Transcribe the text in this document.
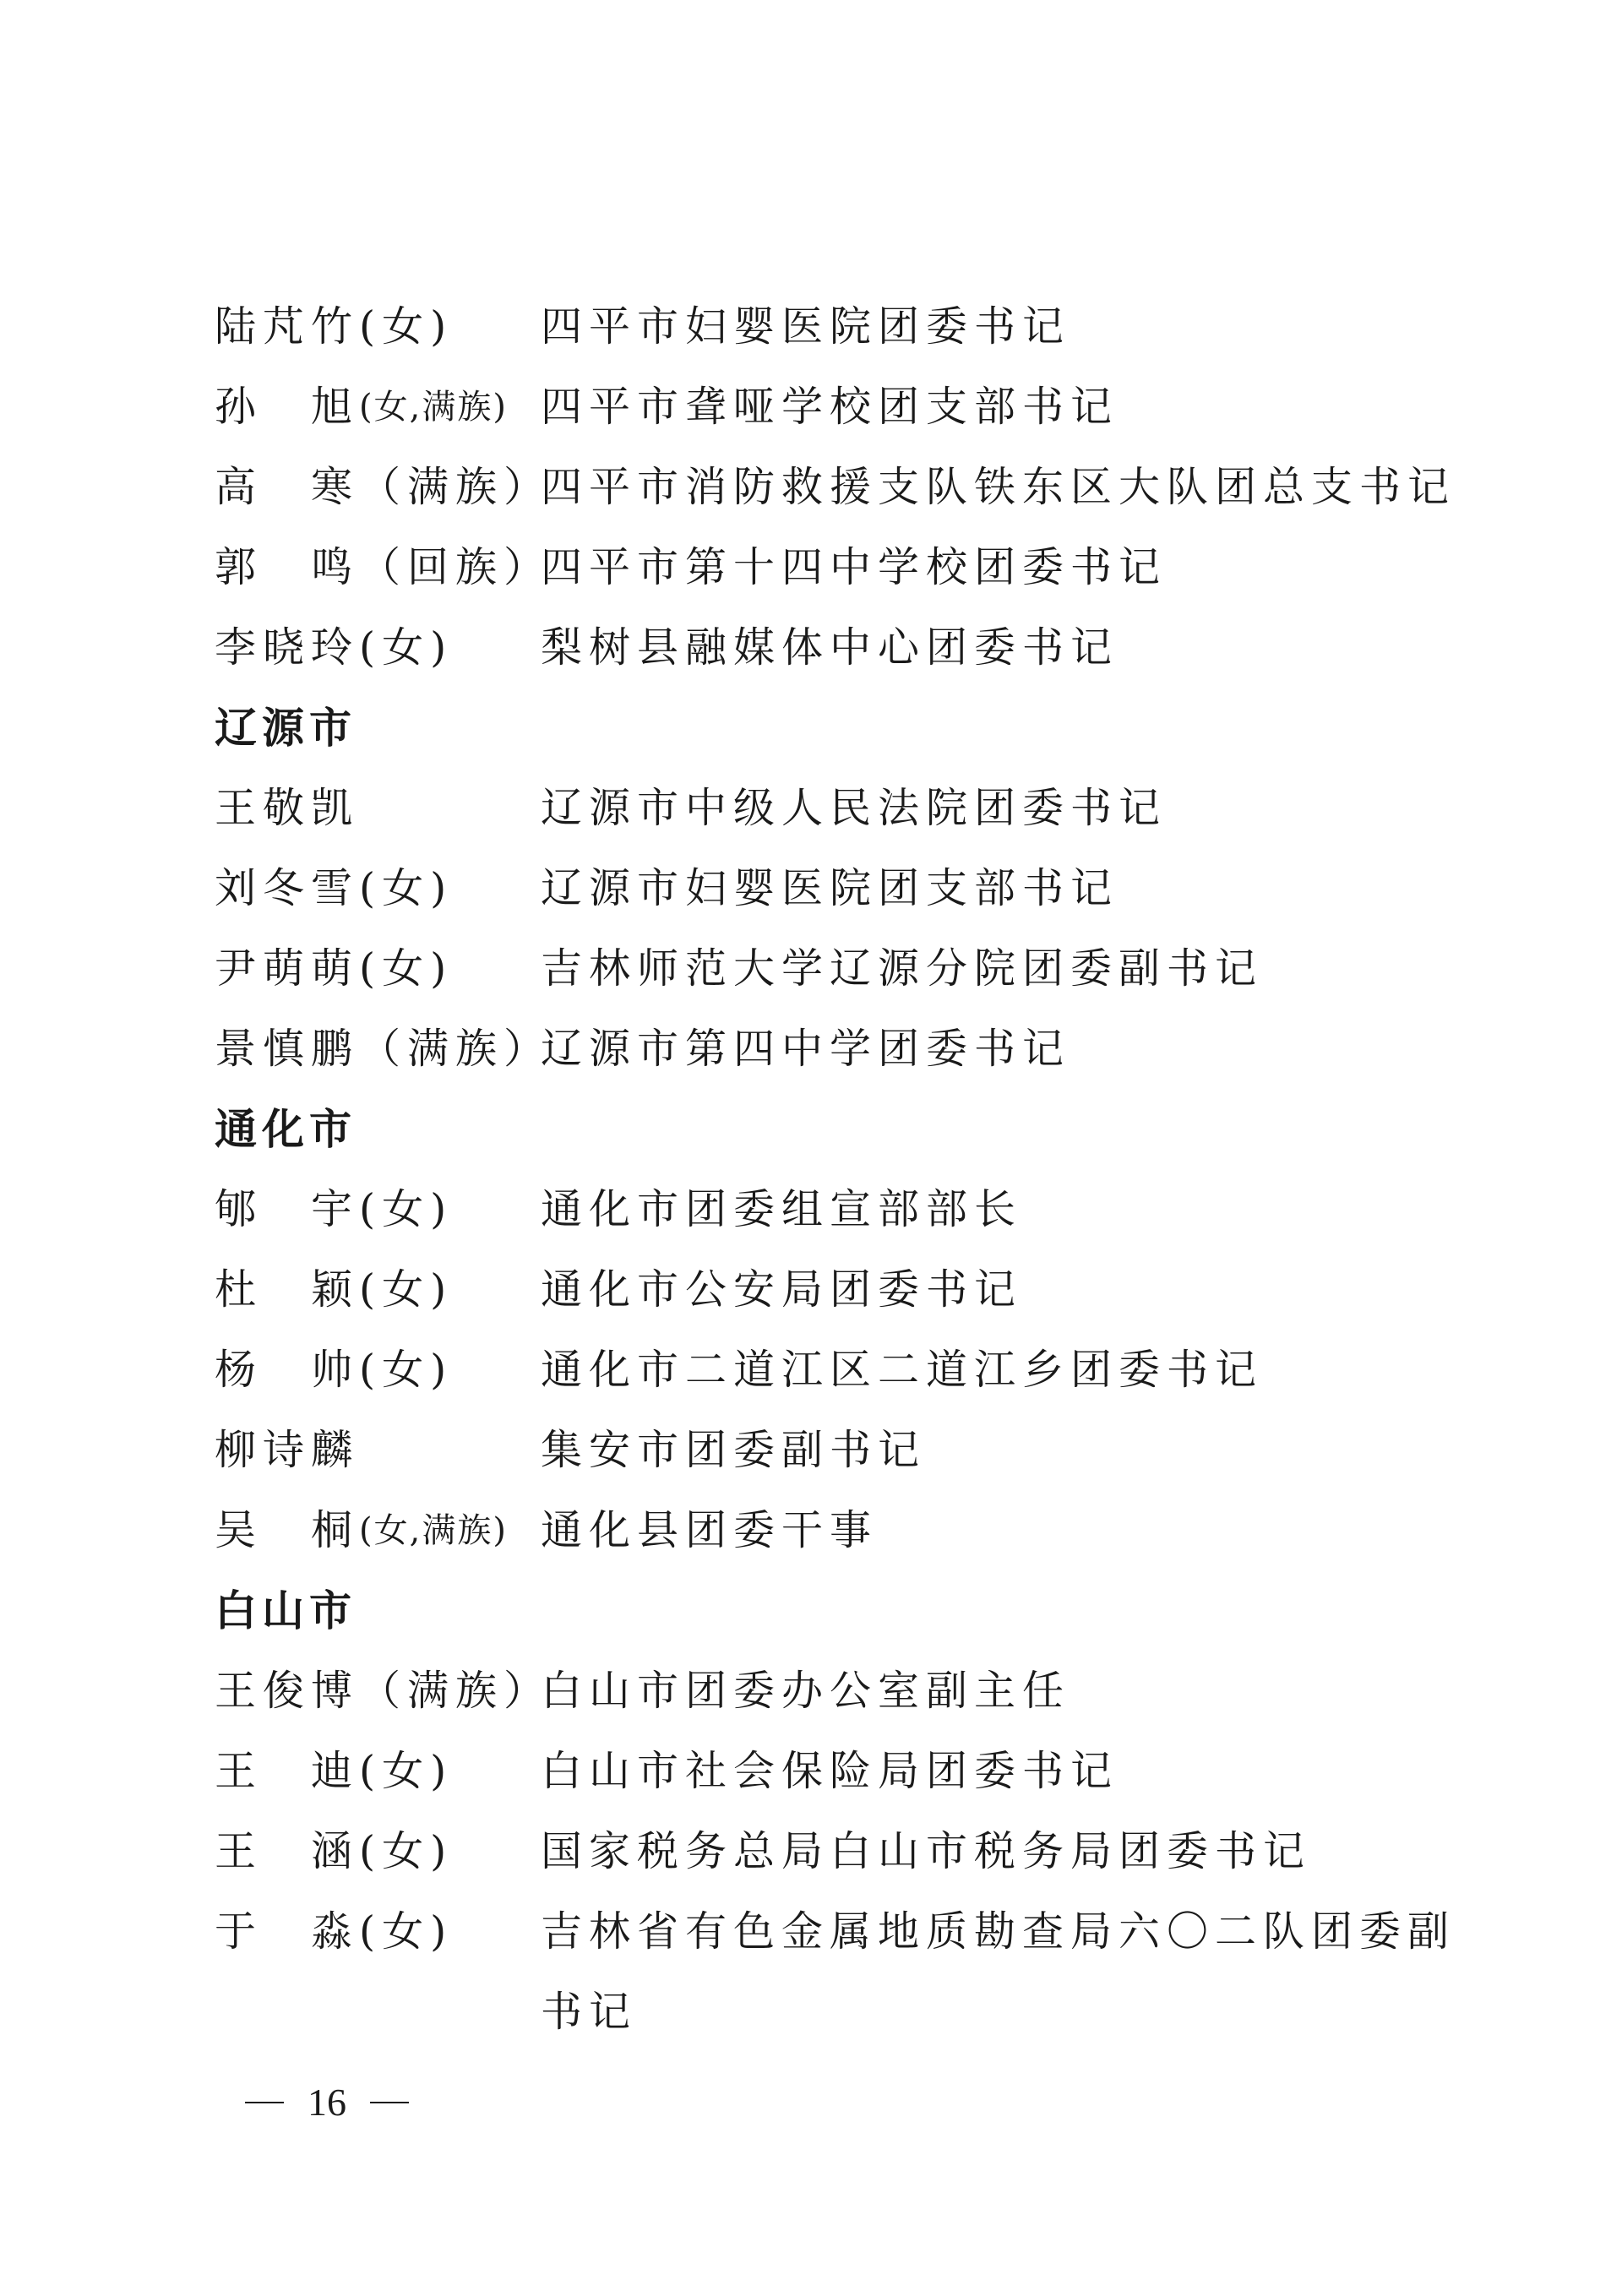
陆芃竹 (女) 四平市妇婴医院团委书记
孙　旭 (女,满族) 四平市聋哑学校团支部书记
高　寒 （满族）
四平市消防救援支队铁东区大队团总支书记
郭　鸣 （回族）
四平市第十四中学校团委书记
李晓玲 (女) 梨树县融媒体中心团委书记
辽源市
王敬凯	辽源市中级人民法院团委书记
刘冬雪 (女) 辽源市妇婴医院团支部书记
尹萌萌 (女) 吉林师范大学辽源分院团委副书记
景慎鹏 （满族）
辽源市第四中学团委书记
通化市
郇　宇 (女) 通化市团委组宣部部长
杜　颖 (女) 通化市公安局团委书记
杨　帅 (女) 通化市二道江区二道江乡团委书记
柳诗麟	集安市团委副书记
吴　桐 (女,满族) 通化县团委干事
白山市
王俊博 （满族）
白山市团委办公室副主任
王　迪 (女) 白山市社会保险局团委书记
王　涵 (女) 国家税务总局白山市税务局团委书记
于　淼 (女) 吉林省有色金属地质勘查局六〇二队团委副
书记
16
